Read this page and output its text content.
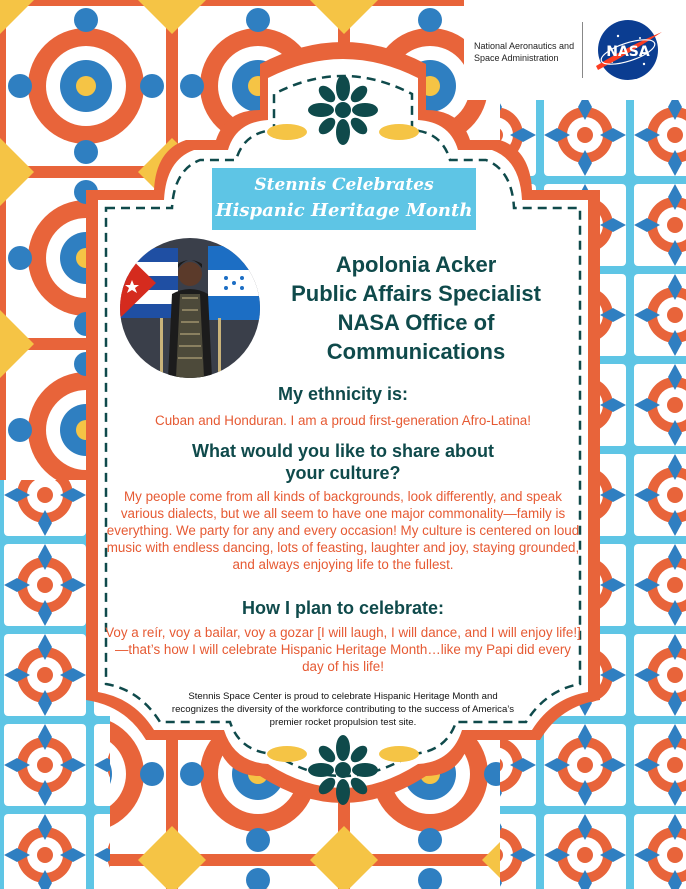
National Aeronautics and
Space Administration	NASA
Stennis Celebrates
Hispanic Heritage Month
Apolonia Acker
Public Affairs Specialist
NASA Office of
Communications
My ethnicity is:
Cuban and Honduran. I am a proud first-generation Afro-Latina!
What would you like to share about
your culture?
My people come from all kinds of backgrounds, look differently, and speak various dialects, but we all seem to have one major commonality—family is everything. We party for any and every occasion! My culture is centered on loud music with endless dancing, lots of feasting, laughter and joy, staying grounded, and always enjoying life to the fullest.
How I plan to celebrate:
Voy a reír, voy a bailar, voy a gozar [I will laugh, I will dance, and I will enjoy life!]—that’s how I will celebrate Hispanic Heritage Month…like my Papi did every day of his life!
Stennis Space Center is proud to celebrate Hispanic Heritage Month and recognizes the diversity of the workforce contributing to the success of America’s premier rocket propulsion test site.
